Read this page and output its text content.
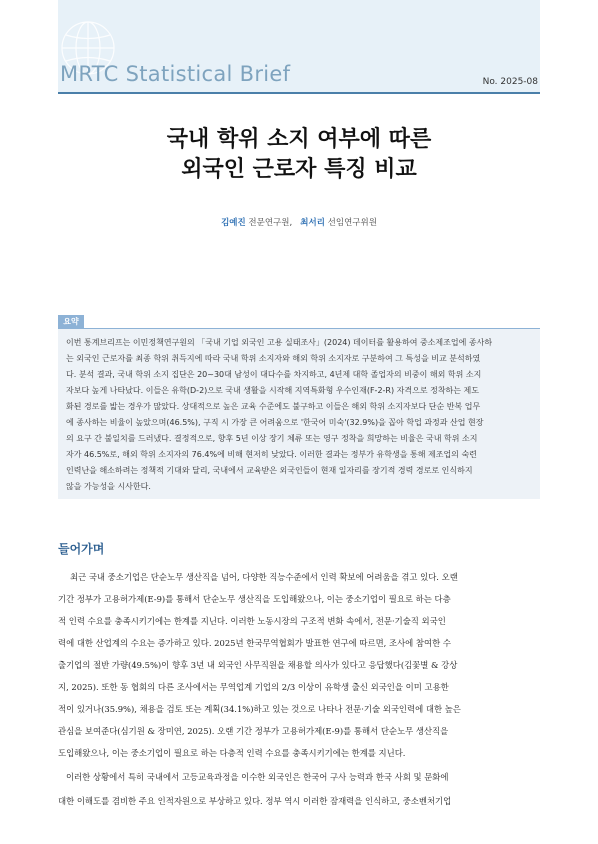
MRTC Statistical Brief	No. 2025-08
국내 학위 소지 여부에 따른
외국인 근로자 특징 비교
김예진 전문연구원, 최서리 선임연구위원
요약
이번 통계브리프는 이민정책연구원의 「국내 기업 외국인 고용 실태조사」(2024) 데이터를 활용하여 중소제조업에 종사하
는 외국인 근로자를 최종 학위 취득지에 따라 국내 학위 소지자와 해외 학위 소지자로 구분하여 그 특성을 비교 분석하였
다. 분석 결과, 국내 학위 소지 집단은 20~30대 남성이 대다수를 차지하고, 4년제 대학 졸업자의 비중이 해외 학위 소지
자보다 높게 나타났다. 이들은 유학(D-2)으로 국내 생활을 시작해 지역특화형 우수인재(F-2-R) 자격으로 정착하는 제도
화된 경로를 밟는 경우가 많았다. 상대적으로 높은 교육 수준에도 불구하고 이들은 해외 학위 소지자보다 단순 반복 업무
에 종사하는 비율이 높았으며(46.5%), 구직 시 가장 큰 어려움으로 '한국어 미숙'(32.9%)을 꼽아 학업 과정과 산업 현장
의 요구 간 불일치를 드러냈다. 결정적으로, 향후 5년 이상 장기 체류 또는 영구 정착을 희망하는 비율은 국내 학위 소지
자가 46.5%로, 해외 학위 소지자의 76.4%에 비해 현저히 낮았다. 이러한 결과는 정부가 유학생을 통해 제조업의 숙련
인력난을 해소하려는 정책적 기대와 달리, 국내에서 교육받은 외국인들이 현재 일자리를 장기적 경력 경로로 인식하지
않을 가능성을 시사한다.
들어가며
최근 국내 중소기업은 단순노무 생산직을 넘어, 다양한 직능수준에서 인력 확보에 어려움을 겪고 있다. 오랜
기간 정부가 고용허가제(E-9)를 통해서 단순노무 생산직을 도입해왔으나, 이는 중소기업이 필요로 하는 다층
적 인력 수요를 충족시키기에는 한계를 지닌다. 이러한 노동시장의 구조적 변화 속에서, 전문·기술직 외국인
력에 대한 산업계의 수요는 증가하고 있다. 2025년 한국무역협회가 발표한 연구에 따르면, 조사에 참여한 수
출기업의 절반 가량(49.5%)이 향후 3년 내 외국인 사무직원을 채용할 의사가 있다고 응답했다(김꽃별 & 강상
지, 2025). 또한 동 협회의 다른 조사에서는 무역업계 기업의 2/3 이상이 유학생 출신 외국인을 이미 고용한
적이 있거나(35.9%), 채용을 검토 또는 계획(34.1%)하고 있는 것으로 나타나 전문·기술 외국인력에 대한 높은
관심을 보여준다(심기원 & 장미연, 2025). 오랜 기간 정부가 고용허가제(E-9)를 통해서 단순노무 생산직을
도입해왔으나, 이는 중소기업이 필요로 하는 다층적 인력 수요를 충족시키기에는 한계를 지닌다.
이러한 상황에서 특히 국내에서 고등교육과정을 이수한 외국인은 한국어 구사 능력과 한국 사회 및 문화에
대한 이해도를 겸비한 주요 인적자원으로 부상하고 있다. 정부 역시 이러한 잠재력을 인식하고, 중소벤처기업
